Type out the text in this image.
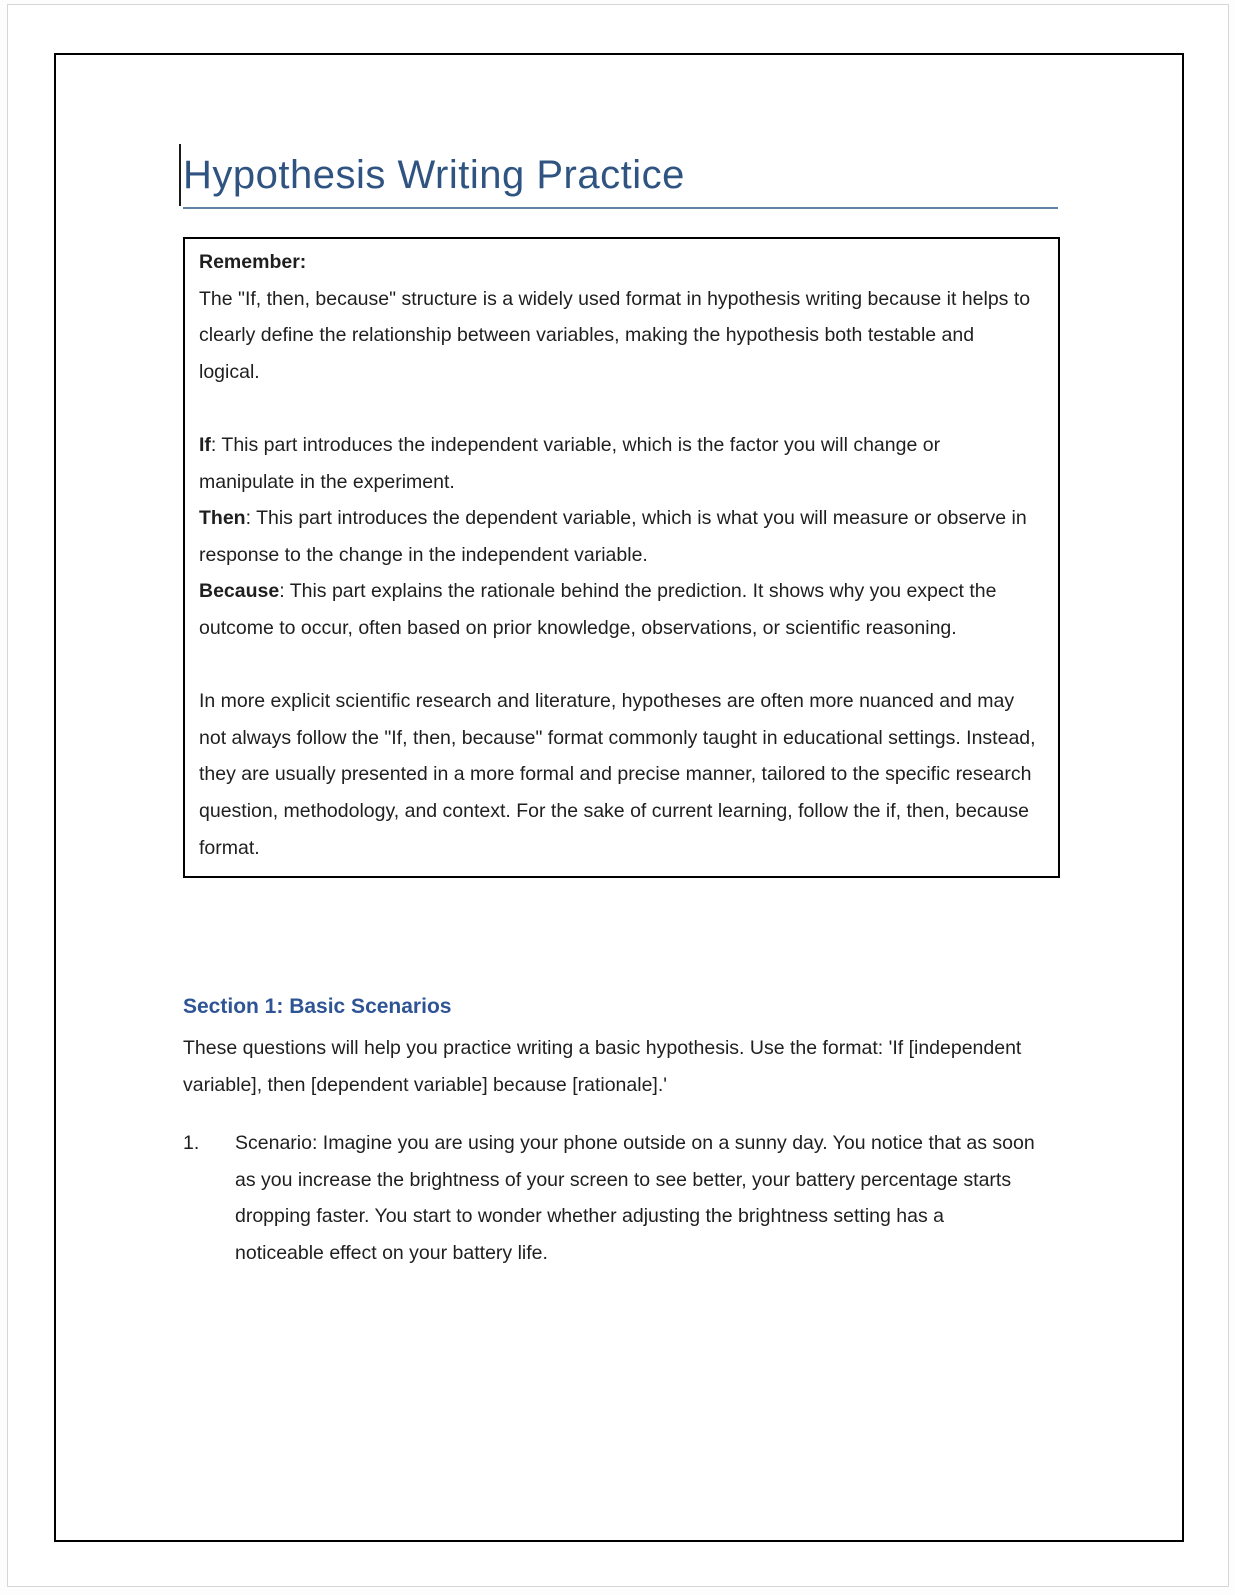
Hypothesis Writing Practice

Remember:

The "If, then, because" structure is a widely used format in hypothesis writing because it helps to clearly define the relationship between variables, making the hypothesis both testable and logical.

If: This part introduces the independent variable, which is the factor you will change or manipulate in the experiment.

Then: This part introduces the dependent variable, which is what you will measure or observe in response to the change in the independent variable.

Because: This part explains the rationale behind the prediction. It shows why you expect the outcome to occur, often based on prior knowledge, observations, or scientific reasoning.

In more explicit scientific research and literature, hypotheses are often more nuanced and may not always follow the "If, then, because" format commonly taught in educational settings. Instead, they are usually presented in a more formal and precise manner, tailored to the specific research question, methodology, and context. For the sake of current learning, follow the if, then, because format.

Section 1: Basic Scenarios

These questions will help you practice writing a basic hypothesis. Use the format: 'If [independent variable], then [dependent variable] because [rationale].'

1.	Scenario: Imagine you are using your phone outside on a sunny day. You notice that as soon as you increase the brightness of your screen to see better, your battery percentage starts dropping faster. You start to wonder whether adjusting the brightness setting has a noticeable effect on your battery life.
